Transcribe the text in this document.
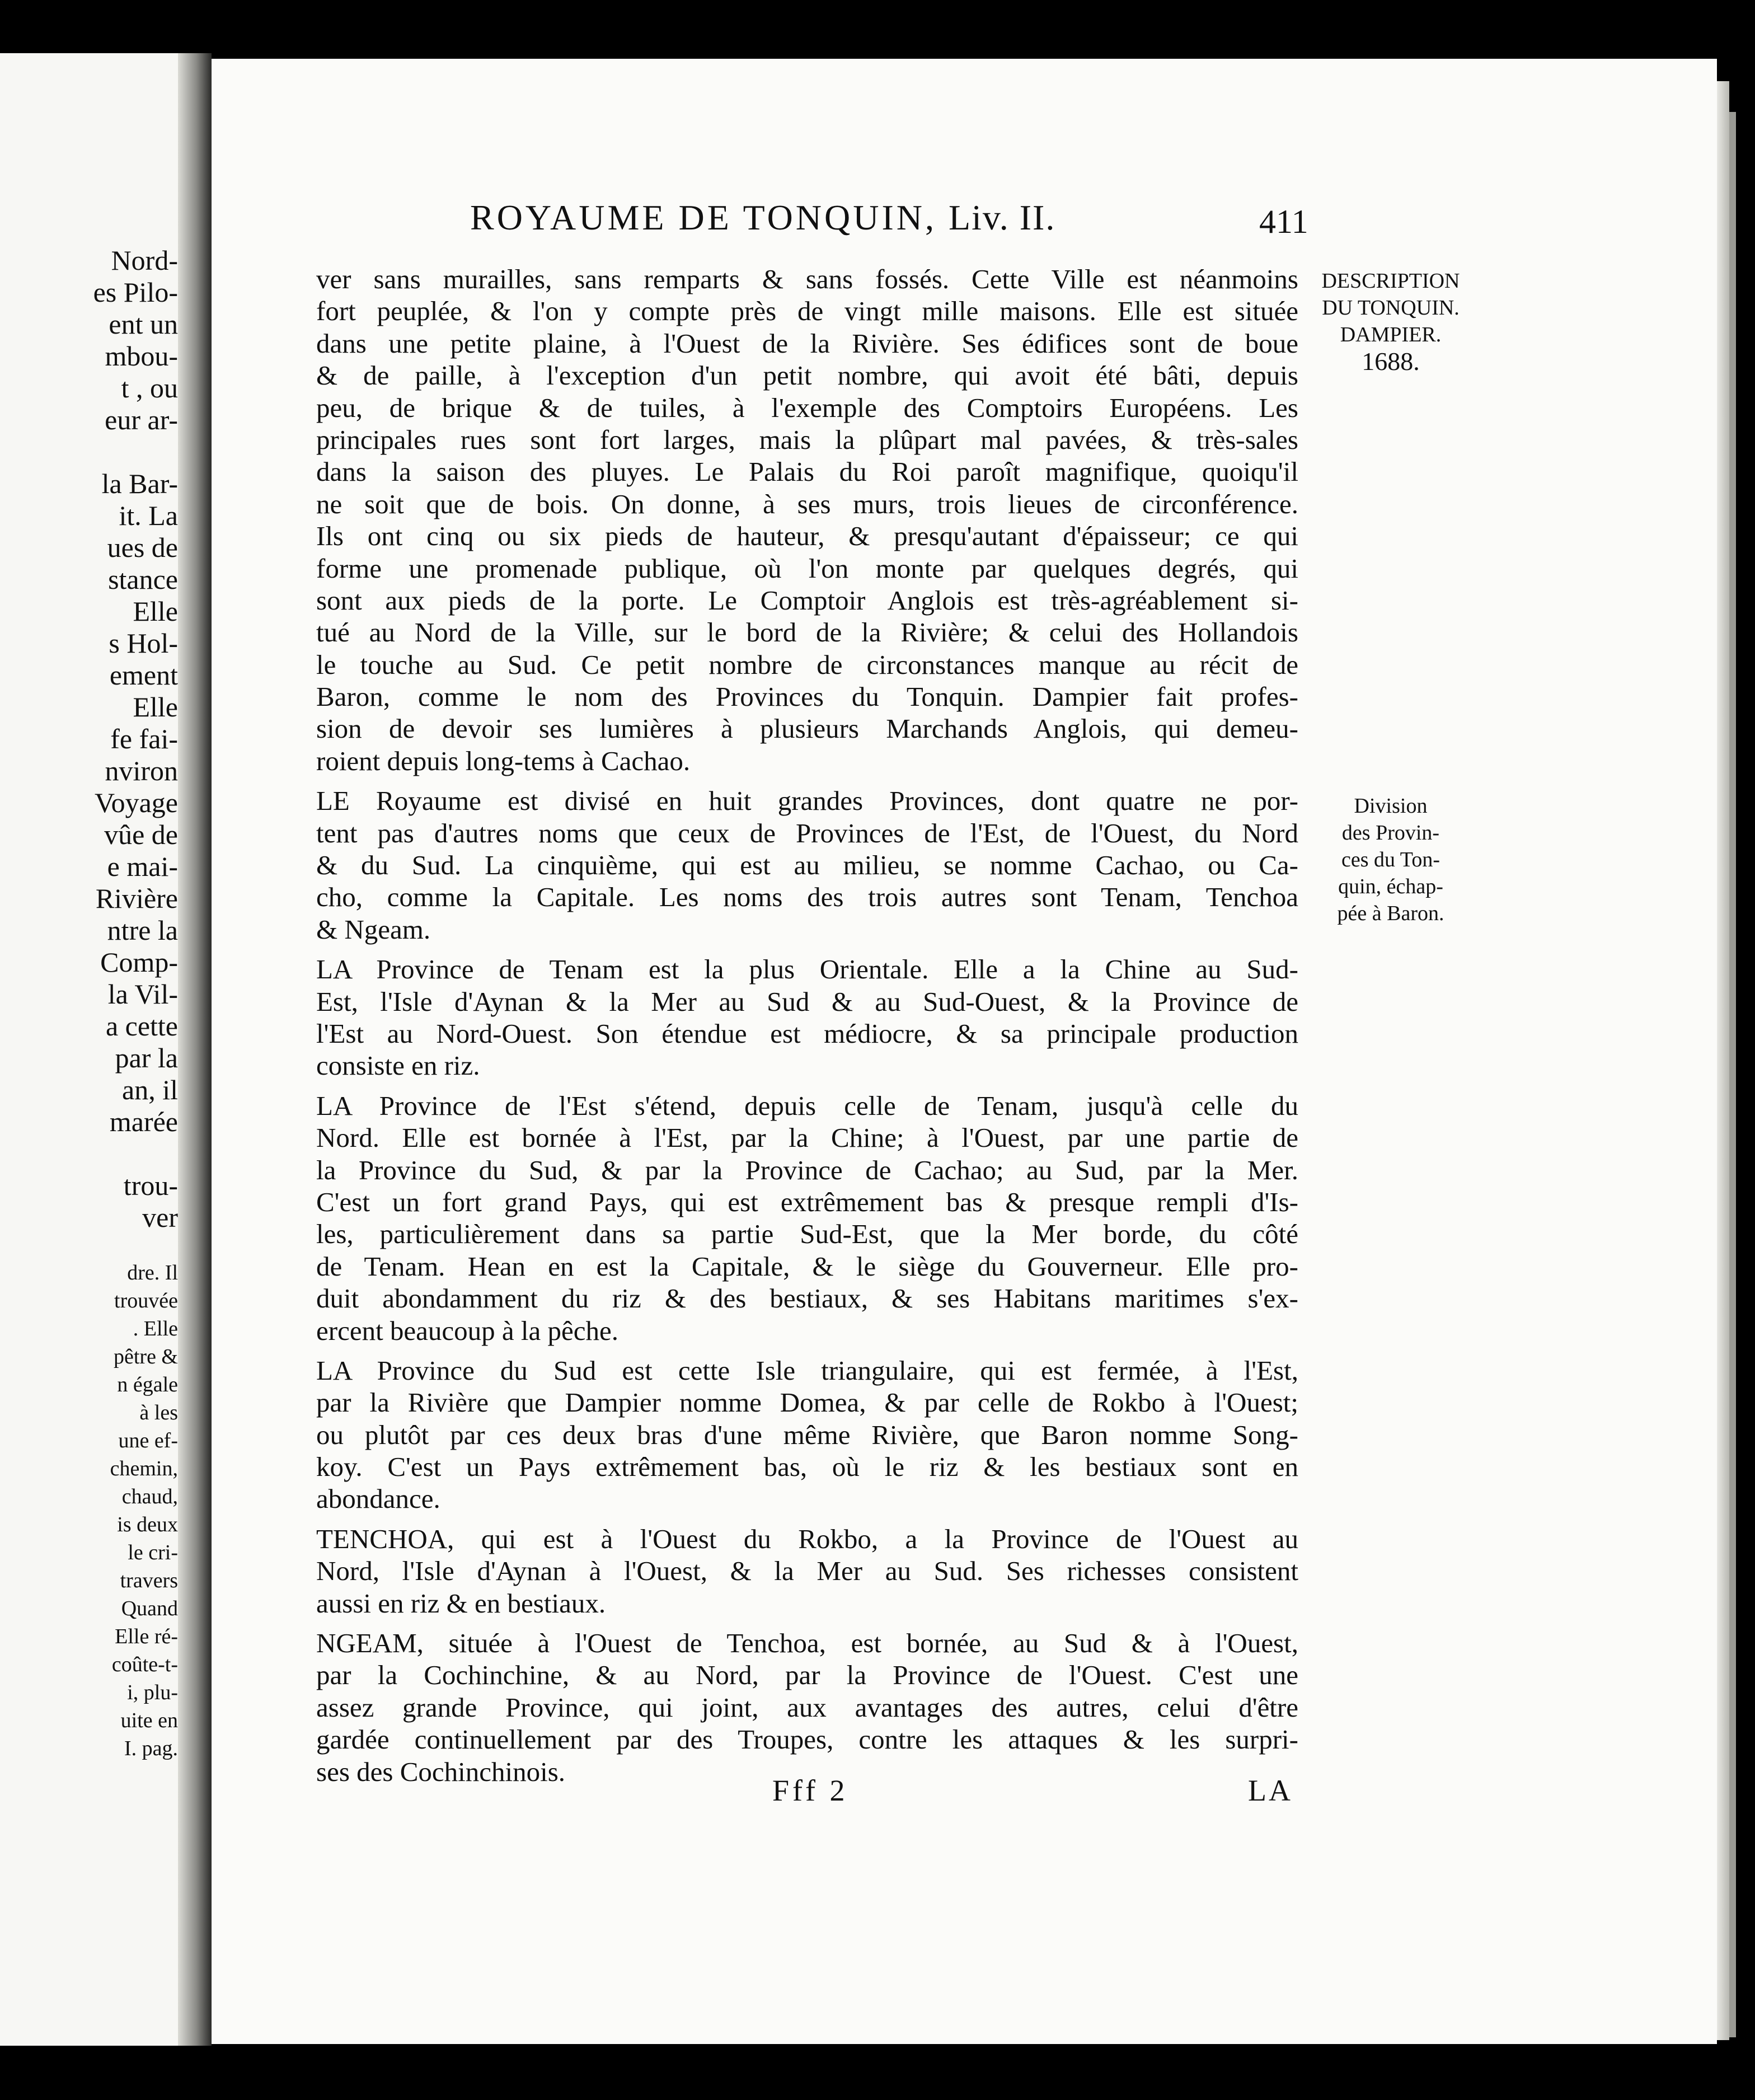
Nord-
es Pilo-
ent un
mbou-
t , ou
eur ar-
la Bar-
it. La
ues de
stance
Elle
s Hol-
ement
Elle
fe fai-
nviron
Voyage
vûe de
e mai-
Rivière
ntre la
Comp-
la Vil-
a cette
par la
an, il
marée
trou-
ver
dre. Il
trouvée
. Elle
pêtre &
n égale
à les
une ef-
chemin,
chaud,
is deux
le cri-
travers
Quand
Elle ré-
coûte-t-
i, plu-
uite en
I. pag.
ROYAUME DE TONQUIN, Liv. II.	411
ver sans murailles, sans remparts & sans fossés. Cette Ville est néanmoins
fort peuplée, & l'on y compte près de vingt mille maisons. Elle est située
dans une petite plaine, à l'Ouest de la Rivière. Ses édifices sont de boue
& de paille, à l'exception d'un petit nombre, qui avoit été bâti, depuis
peu, de brique & de tuiles, à l'exemple des Comptoirs Européens. Les
principales rues sont fort larges, mais la plûpart mal pavées, & très-sales
dans la saison des pluyes. Le Palais du Roi paroît magnifique, quoiqu'il
ne soit que de bois. On donne, à ses murs, trois lieues de circonférence.
Ils ont cinq ou six pieds de hauteur, & presqu'autant d'épaisseur; ce qui
forme une promenade publique, où l'on monte par quelques degrés, qui
sont aux pieds de la porte. Le Comptoir Anglois est très-agréablement si-
tué au Nord de la Ville, sur le bord de la Rivière; & celui des Hollandois
le touche au Sud. Ce petit nombre de circonstances manque au récit de
Baron, comme le nom des Provinces du Tonquin. Dampier fait profes-
sion de devoir ses lumières à plusieurs Marchands Anglois, qui demeu-
roient depuis long-tems à Cachao.
LE Royaume est divisé en huit grandes Provinces, dont quatre ne por-
tent pas d'autres noms que ceux de Provinces de l'Est, de l'Ouest, du Nord
& du Sud. La cinquième, qui est au milieu, se nomme Cachao, ou Ca-
cho, comme la Capitale. Les noms des trois autres sont Tenam, Tenchoa
& Ngeam.
LA Province de Tenam est la plus Orientale. Elle a la Chine au Sud-
Est, l'Isle d'Aynan & la Mer au Sud & au Sud-Ouest, & la Province de
l'Est au Nord-Ouest. Son étendue est médiocre, & sa principale production
consiste en riz.
LA Province de l'Est s'étend, depuis celle de Tenam, jusqu'à celle du
Nord. Elle est bornée à l'Est, par la Chine; à l'Ouest, par une partie de
la Province du Sud, & par la Province de Cachao; au Sud, par la Mer.
C'est un fort grand Pays, qui est extrêmement bas & presque rempli d'Is-
les, particulièrement dans sa partie Sud-Est, que la Mer borde, du côté
de Tenam. Hean en est la Capitale, & le siège du Gouverneur. Elle pro-
duit abondamment du riz & des bestiaux, & ses Habitans maritimes s'ex-
ercent beaucoup à la pêche.
LA Province du Sud est cette Isle triangulaire, qui est fermée, à l'Est,
par la Rivière que Dampier nomme Domea, & par celle de Rokbo à l'Ouest;
ou plutôt par ces deux bras d'une même Rivière, que Baron nomme Song-
koy. C'est un Pays extrêmement bas, où le riz & les bestiaux sont en
abondance.
TENCHOA, qui est à l'Ouest du Rokbo, a la Province de l'Ouest au
Nord, l'Isle d'Aynan à l'Ouest, & la Mer au Sud. Ses richesses consistent
aussi en riz & en bestiaux.
NGEAM, située à l'Ouest de Tenchoa, est bornée, au Sud & à l'Ouest,
par la Cochinchine, & au Nord, par la Province de l'Ouest. C'est une
assez grande Province, qui joint, aux avantages des autres, celui d'être
gardée continuellement par des Troupes, contre les attaques & les surpri-
ses des Cochinchinois.
DESCRIPTION
DU TONQUIN.
DAMPIER.
1688.
Division
des Provin-
ces du Ton-
quin, échap-
pée à Baron.
Fff 2	LA
